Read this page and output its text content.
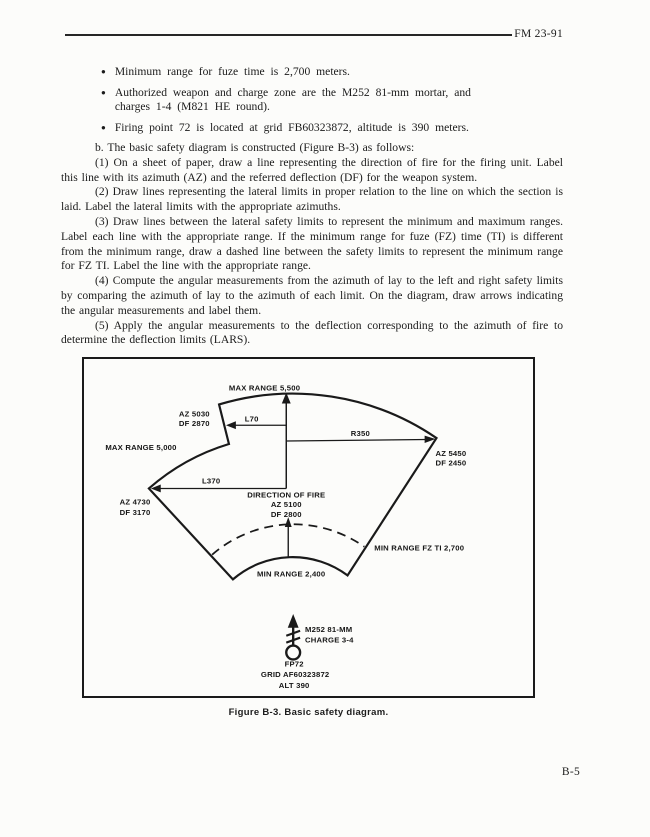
FM 23-91
● Minimum range for fuze time is 2,700 meters.
● Authorized weapon and charge zone are the M252 81-mm mortar, and charges 1-4 (M821 HE round).
● Firing point 72 is located at grid FB60323872, altitude is 390 meters.

b. The basic safety diagram is constructed (Figure B-3) as follows:

(1) On a sheet of paper, draw a line representing the direction of fire for the firing unit. Label this line with its azimuth (AZ) and the referred deflection (DF) for the weapon system.

(2) Draw lines representing the lateral limits in proper relation to the line on which the section is laid. Label the lateral limits with the appropriate azimuths.

(3) Draw lines between the lateral safety limits to represent the minimum and maximum ranges. Label each line with the appropriate range. If the minimum range for fuze (FZ) time (TI) is different from the minimum range, draw a dashed line between the safety limits to represent the minimum range for FZ TI. Label the line with the appropriate range.

(4) Compute the angular measurements from the azimuth of lay to the left and right safety limits by comparing the azimuth of lay to the azimuth of each limit. On the diagram, draw arrows indicating the angular measurements and label them.

(5) Apply the angular measurements to the deflection corresponding to the azimuth of fire to determine the deflection limits (LARS).

MAX RANGE 5,500
AZ 5030
DF 2870
L70
R350
MAX RANGE 5,000
AZ 5450
DF 2450
L370
DIRECTION OF FIRE
AZ 5100
DF 2800
AZ 4730
DF 3170
MIN RANGE FZ TI 2,700
MIN RANGE 2,400
M252 81-MM
CHARGE 3-4
FP72
GRID AF60323872
ALT 390
Figure B-3. Basic safety diagram.
B-5
